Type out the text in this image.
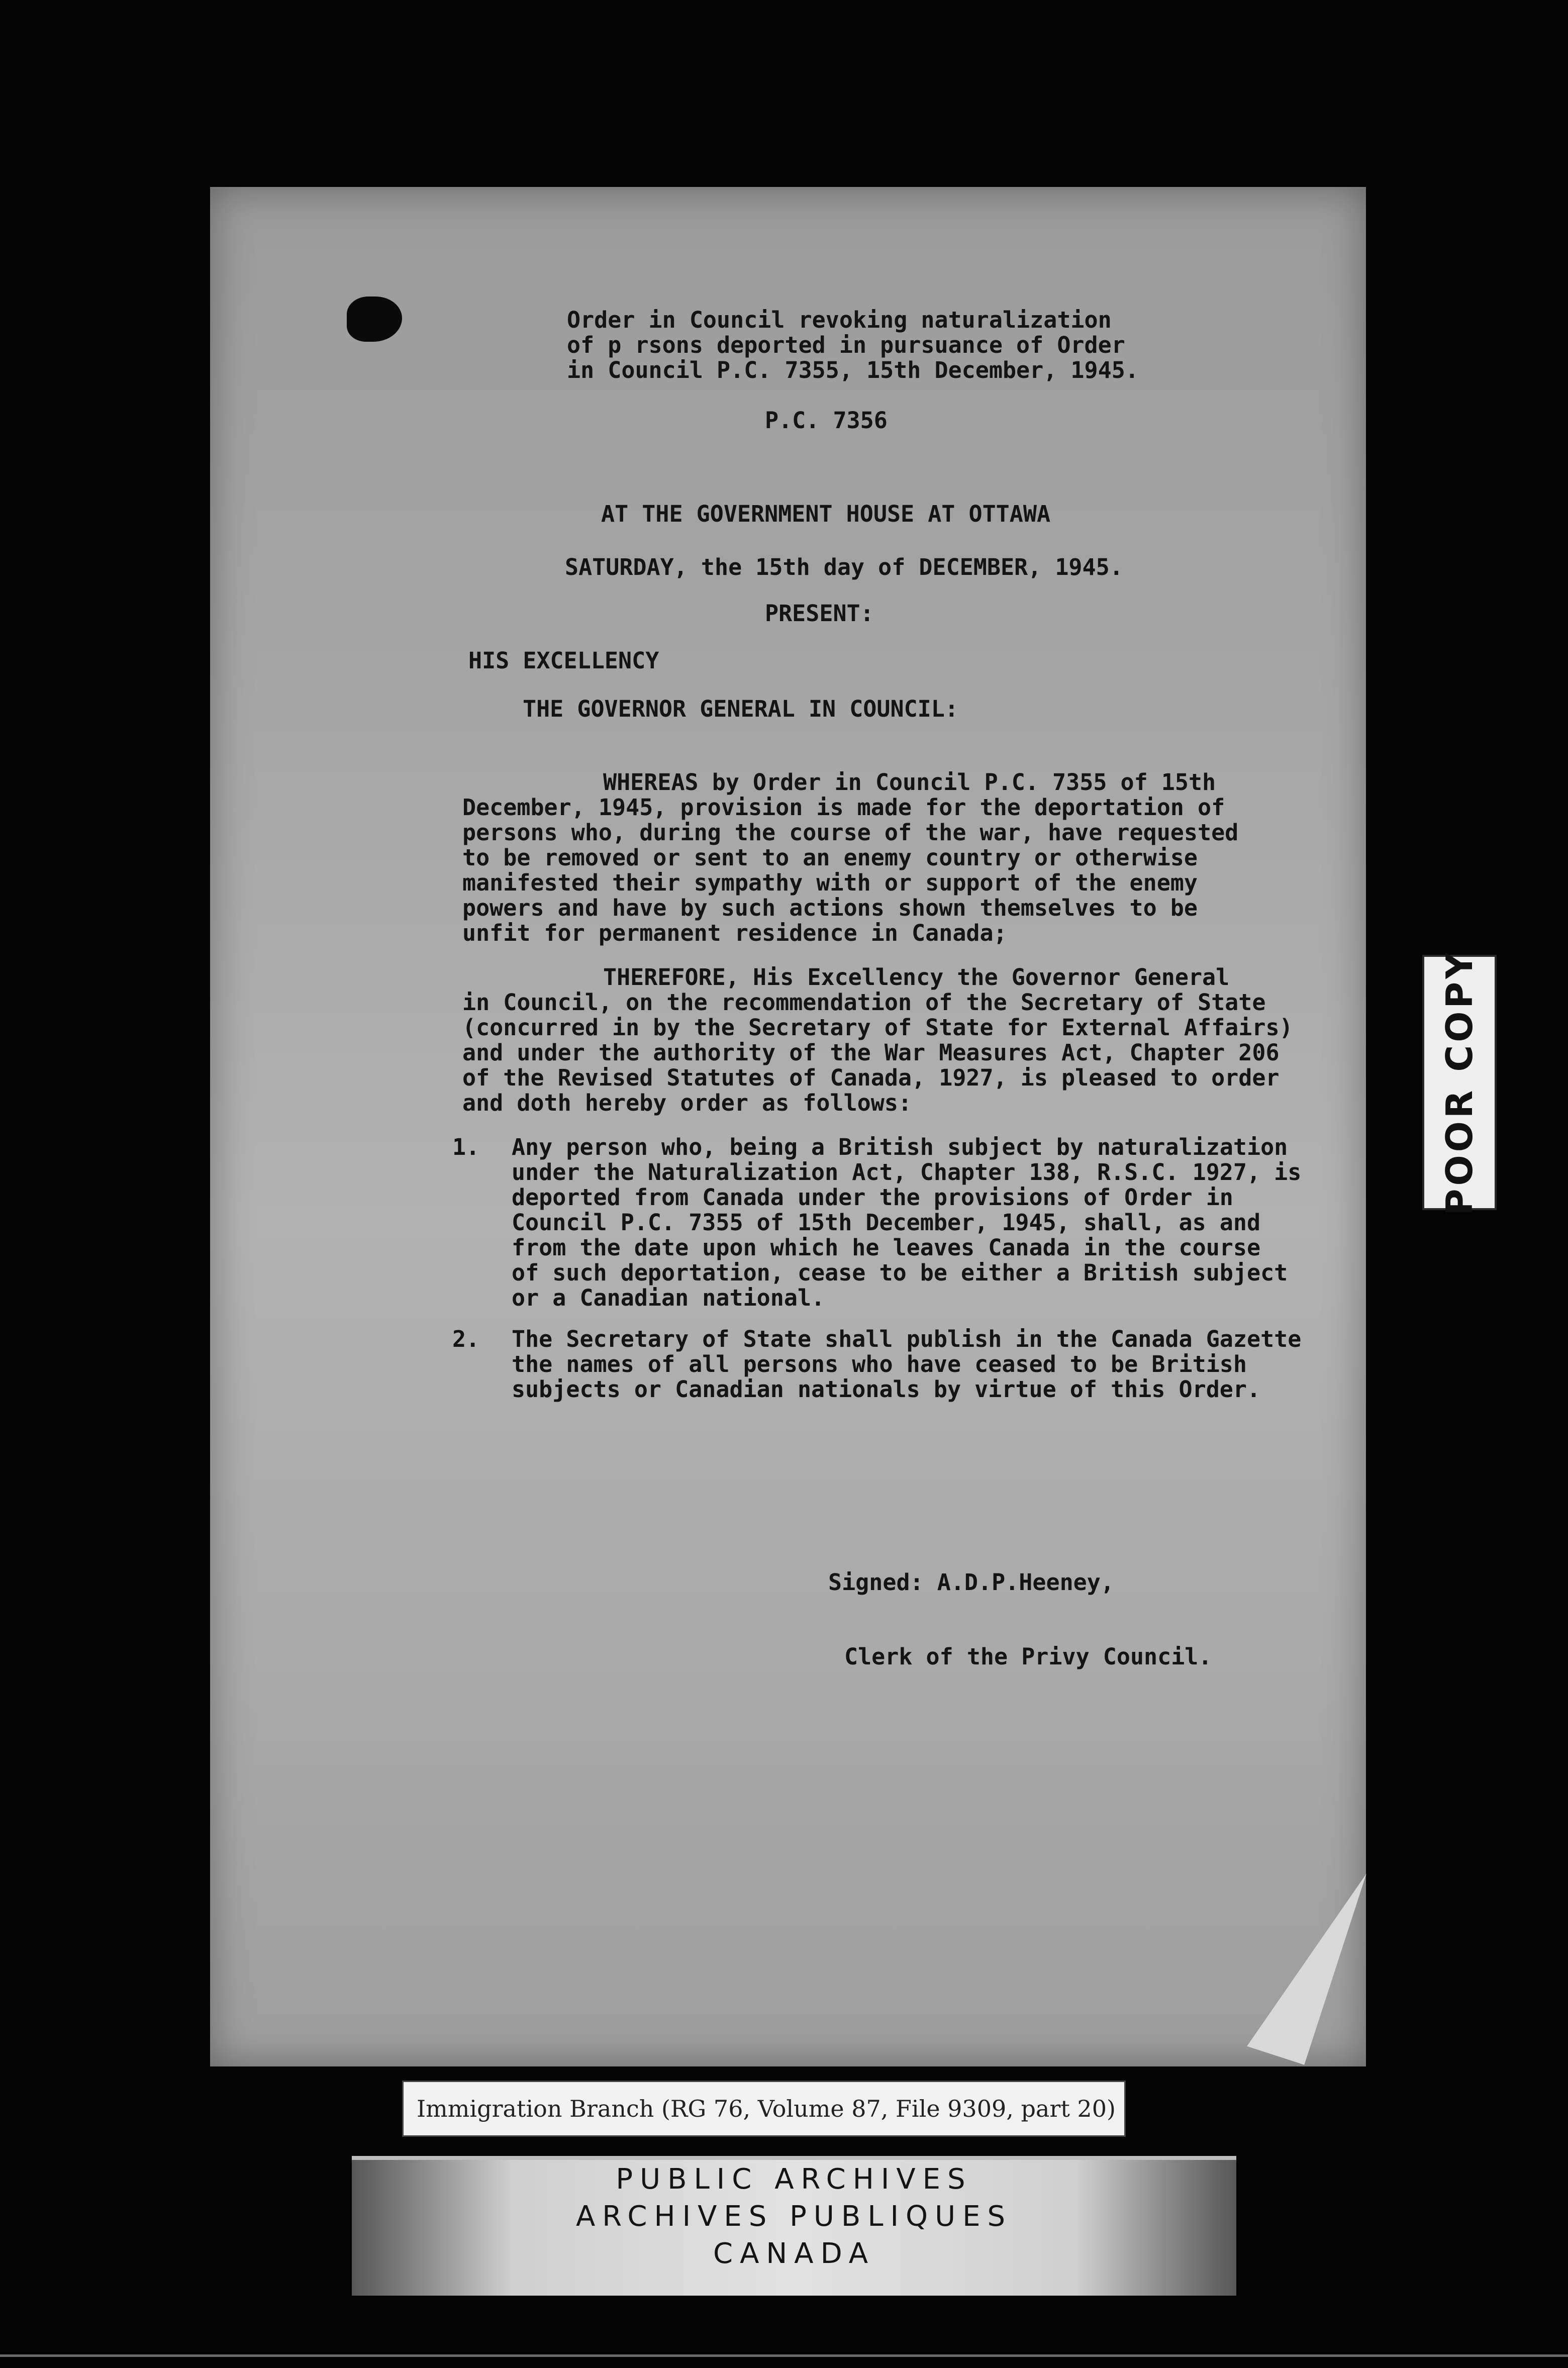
Order in Council revoking naturalization
of p rsons deported in pursuance of Order
in Council P.C. 7355, 15th December, 1945.
P.C. 7356
AT THE GOVERNMENT HOUSE AT OTTAWA
SATURDAY, the 15th day of DECEMBER, 1945.
PRESENT:
HIS EXCELLENCY
THE GOVERNOR GENERAL IN COUNCIL:
WHEREAS by Order in Council P.C. 7355 of 15th
December, 1945, provision is made for the deportation of
persons who, during the course of the war, have requested
to be removed or sent to an enemy country or otherwise
manifested their sympathy with or support of the enemy
powers and have by such actions shown themselves to be
unfit for permanent residence in Canada;
THEREFORE, His Excellency the Governor General
in Council, on the recommendation of the Secretary of State
(concurred in by the Secretary of State for External Affairs)
and under the authority of the War Measures Act, Chapter 206
of the Revised Statutes of Canada, 1927, is pleased to order
and doth hereby order as follows:
1. Any person who, being a British subject by naturalization
under the Naturalization Act, Chapter 138, R.S.C. 1927, is
deported from Canada under the provisions of Order in
Council P.C. 7355 of 15th December, 1945, shall, as and
from the date upon which he leaves Canada in the course
of such deportation, cease to be either a British subject
or a Canadian national.
2. The Secretary of State shall publish in the Canada Gazette
the names of all persons who have ceased to be British
subjects or Canadian nationals by virtue of this Order.
Signed: A.D.P.Heeney,
Clerk of the Privy Council.
POOR COPY
Immigration Branch (RG 76, Volume 87, File 9309, part 20)
PUBLIC ARCHIVES
ARCHIVES PUBLIQUES
CANADA
